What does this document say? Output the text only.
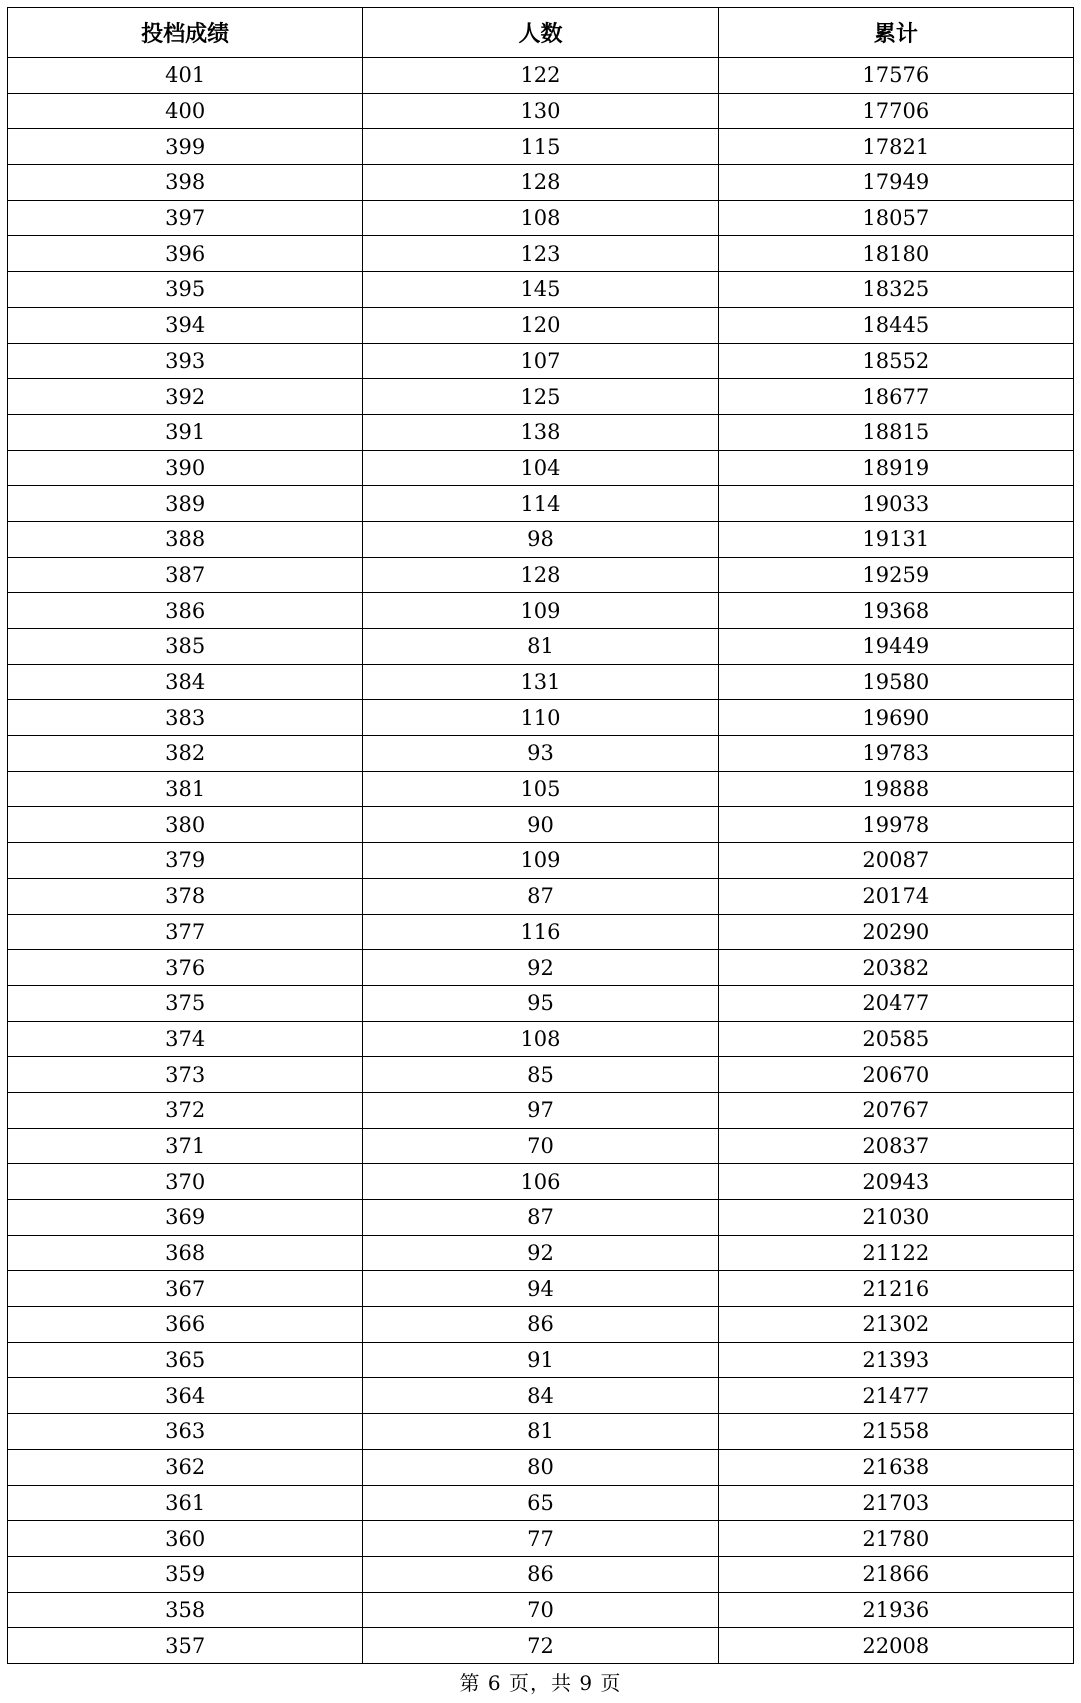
投档成绩	人数	累计
401	122	17576
400	130	17706
399	115	17821
398	128	17949
397	108	18057
396	123	18180
395	145	18325
394	120	18445
393	107	18552
392	125	18677
391	138	18815
390	104	18919
389	114	19033
388	98	19131
387	128	19259
386	109	19368
385	81	19449
384	131	19580
383	110	19690
382	93	19783
381	105	19888
380	90	19978
379	109	20087
378	87	20174
377	116	20290
376	92	20382
375	95	20477
374	108	20585
373	85	20670
372	97	20767
371	70	20837
370	106	20943
369	87	21030
368	92	21122
367	94	21216
366	86	21302
365	91	21393
364	84	21477
363	81	21558
362	80	21638
361	65	21703
360	77	21780
359	86	21866
358	70	21936
357	72	22008
第 6 页，共 9 页
